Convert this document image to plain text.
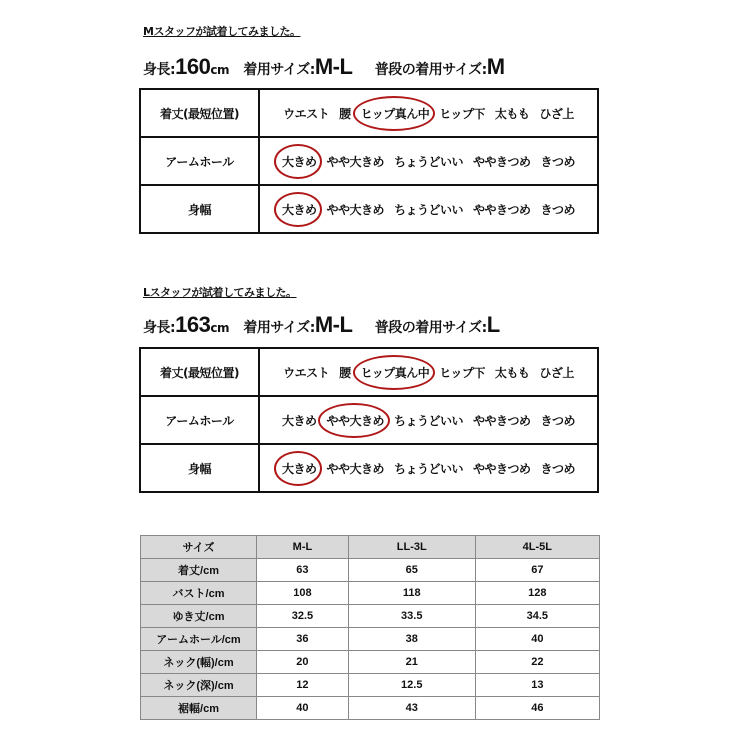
Mスタッフが試着してみました。
身長:160cm 着用サイズ:M-L 普段の着用サイズ:M
着丈(最短位置)	ウエスト 腰 ヒップ真ん中 ヒップ下 太もも ひざ上
アームホール	大きめ やや大きめ ちょうどいい ややきつめ きつめ
身幅	大きめ やや大きめ ちょうどいい ややきつめ きつめ
Lスタッフが試着してみました。
身長:163cm 着用サイズ:M-L 普段の着用サイズ:L
着丈(最短位置)	ウエスト 腰 ヒップ真ん中 ヒップ下 太もも ひざ上
アームホール	大きめ やや大きめ ちょうどいい ややきつめ きつめ
身幅	大きめ やや大きめ ちょうどいい ややきつめ きつめ
サイズ	M-L	LL-3L	4L-5L
着丈/cm	63	65	67
バスト/cm	108	118	128
ゆき丈/cm	32.5	33.5	34.5
アームホール/cm	36	38	40
ネック(幅)/cm	20	21	22
ネック(深)/cm	12	12.5	13
裾幅/cm	40	43	46
